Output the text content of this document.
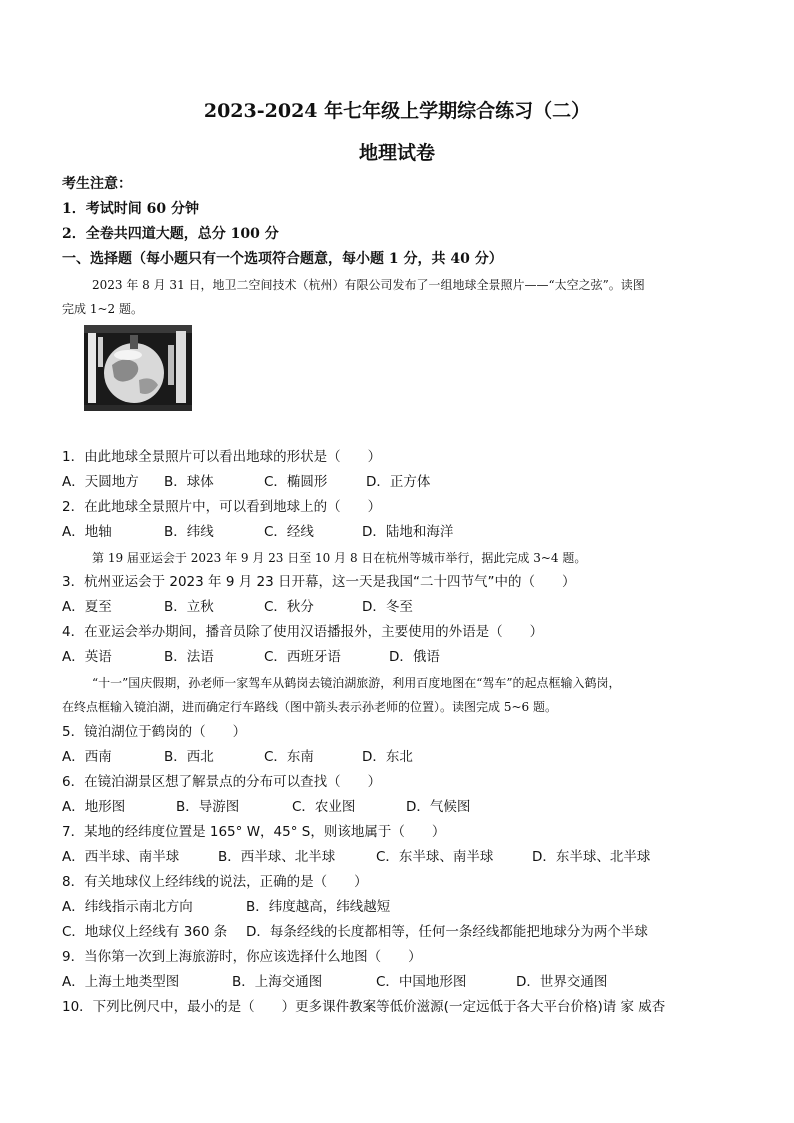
2023-2024 年七年级上学期综合练习（二）
地理试卷
考生注意：
1．考试时间 60 分钟
2．全卷共四道大题，总分 100 分
一、选择题（每小题只有一个选项符合题意，每小题 1 分，共 40 分）
2023 年 8 月 31 日，地卫二空间技术（杭州）有限公司发布了一组地球全景照片——“太空之弦”。读图
完成 1~2 题。
1．由此地球全景照片可以看出地球的形状是（　　）
A．天圆地方	B．球体	C．椭圆形	D．正方体
2．在此地球全景照片中，可以看到地球上的（　　）
A．地轴	B．纬线	C．经线	D．陆地和海洋
第 19 届亚运会于 2023 年 9 月 23 日至 10 月 8 日在杭州等城市举行，据此完成 3~4 题。
3．杭州亚运会于 2023 年 9 月 23 日开幕，这一天是我国“二十四节气”中的（　　）
A．夏至	B．立秋	C．秋分	D．冬至
4．在亚运会举办期间，播音员除了使用汉语播报外，主要使用的外语是（　　）
A．英语	B．法语	C．西班牙语	D．俄语
“十一”国庆假期，孙老师一家驾车从鹤岗去镜泊湖旅游，利用百度地图在“驾车”的起点框输入鹤岗，
在终点框输入镜泊湖，进而确定行车路线（图中箭头表示孙老师的位置）。读图完成 5~6 题。
5．镜泊湖位于鹤岗的（　　）
A．西南	B．西北	C．东南	D．东北
6．在镜泊湖景区想了解景点的分布可以查找（　　）
A．地形图	B．导游图	C．农业图	D．气候图
7．某地的经纬度位置是 165° W，45° S，则该地属于（　　）
A．西半球、南半球	B．西半球、北半球	C．东半球、南半球	D．东半球、北半球
8．有关地球仪上经纬线的说法，正确的是（　　）
A．纬线指示南北方向	B．纬度越高，纬线越短
C．地球仪上经线有 360 条	D．每条经线的长度都相等，任何一条经线都能把地球分为两个半球
9．当你第一次到上海旅游时，你应该选择什么地图（　　）
A．上海土地类型图	B．上海交通图	C．中国地形图	D．世界交通图
10．下列比例尺中，最小的是（　　）更多课件教案等低价滋源(一定远低于各大平台价格)请 家 威杏
